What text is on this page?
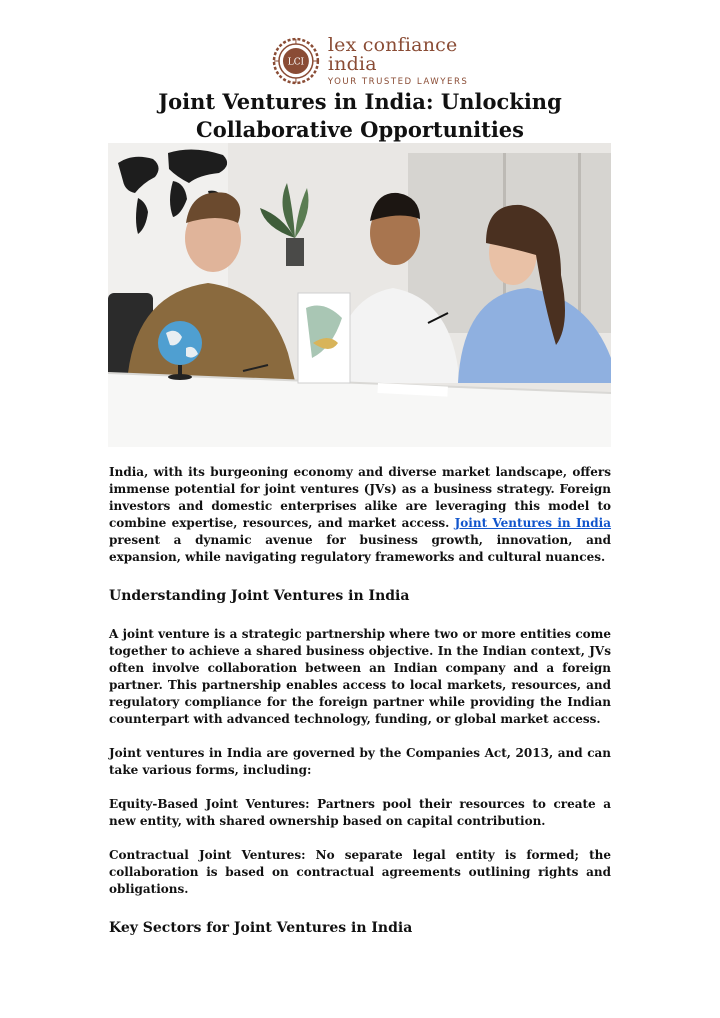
LCI
lex confiance india
YOUR TRUSTED LAWYERS
Joint Ventures in India: Unlocking
Collaborative Opportunities

India, with its burgeoning economy and diverse market landscape, offers immense potential for joint ventures (JVs) as a business strategy. Foreign investors and domestic enterprises alike are leveraging this model to combine expertise, resources, and market access. Joint Ventures in India present a dynamic avenue for business growth, innovation, and expansion, while navigating regulatory frameworks and cultural nuances.

Understanding Joint Ventures in India

A joint venture is a strategic partnership where two or more entities come together to achieve a shared business objective. In the Indian context, JVs often involve collaboration between an Indian company and a foreign partner. This partnership enables access to local markets, resources, and regulatory compliance for the foreign partner while providing the Indian counterpart with advanced technology, funding, or global market access.

Joint ventures in India are governed by the Companies Act, 2013, and can take various forms, including:

Equity-Based Joint Ventures: Partners pool their resources to create a new entity, with shared ownership based on capital contribution.

Contractual Joint Ventures: No separate legal entity is formed; the collaboration is based on contractual agreements outlining rights and obligations.

Key Sectors for Joint Ventures in India
